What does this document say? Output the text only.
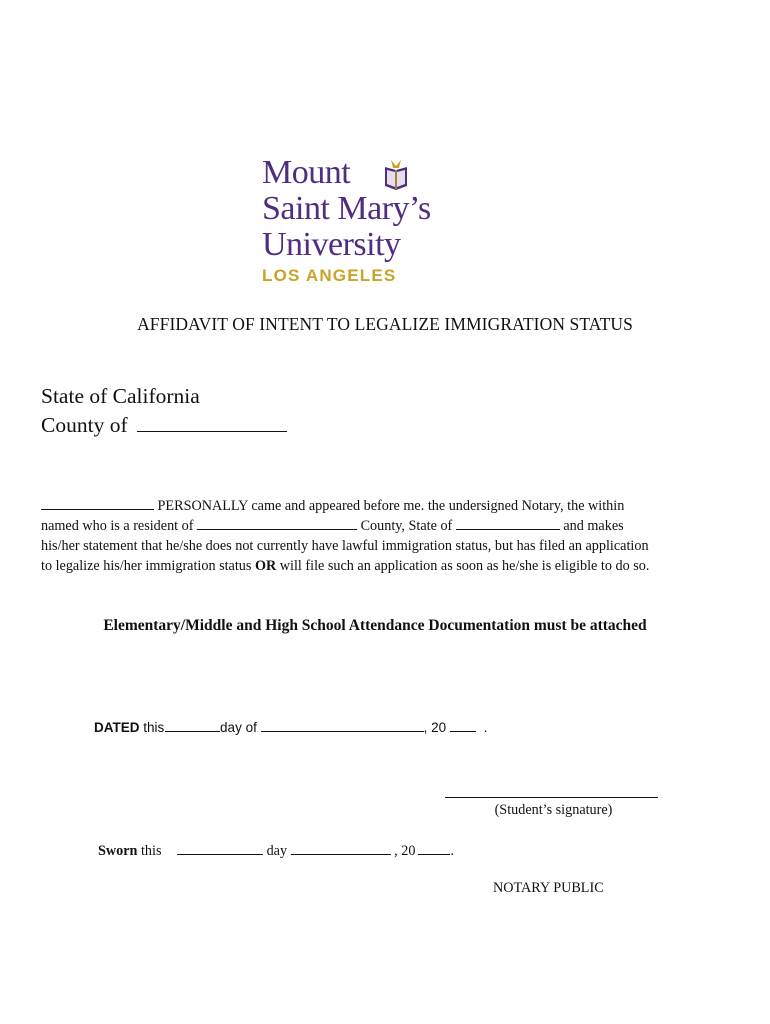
Mount
Saint Mary’s
University
LOS ANGELES
AFFIDAVIT OF INTENT TO LEGALIZE IMMIGRATION STATUS
State of California
County of

PERSONALLY came and appeared before me. the undersigned Notary, the within

named who is a resident of	County, State of	and makes

his/her statement that he/she does not currently have lawful immigration status, but has filed an application

to legalize his/her immigration status OR will file such an application as soon as he/she is eligible to do so.

Elementary/Middle and High School Attendance Documentation must be attached
DATED this	day of	, 20	.
(Student’s signature)
Sworn this	day	, 20 .
NOTARY PUBLIC
